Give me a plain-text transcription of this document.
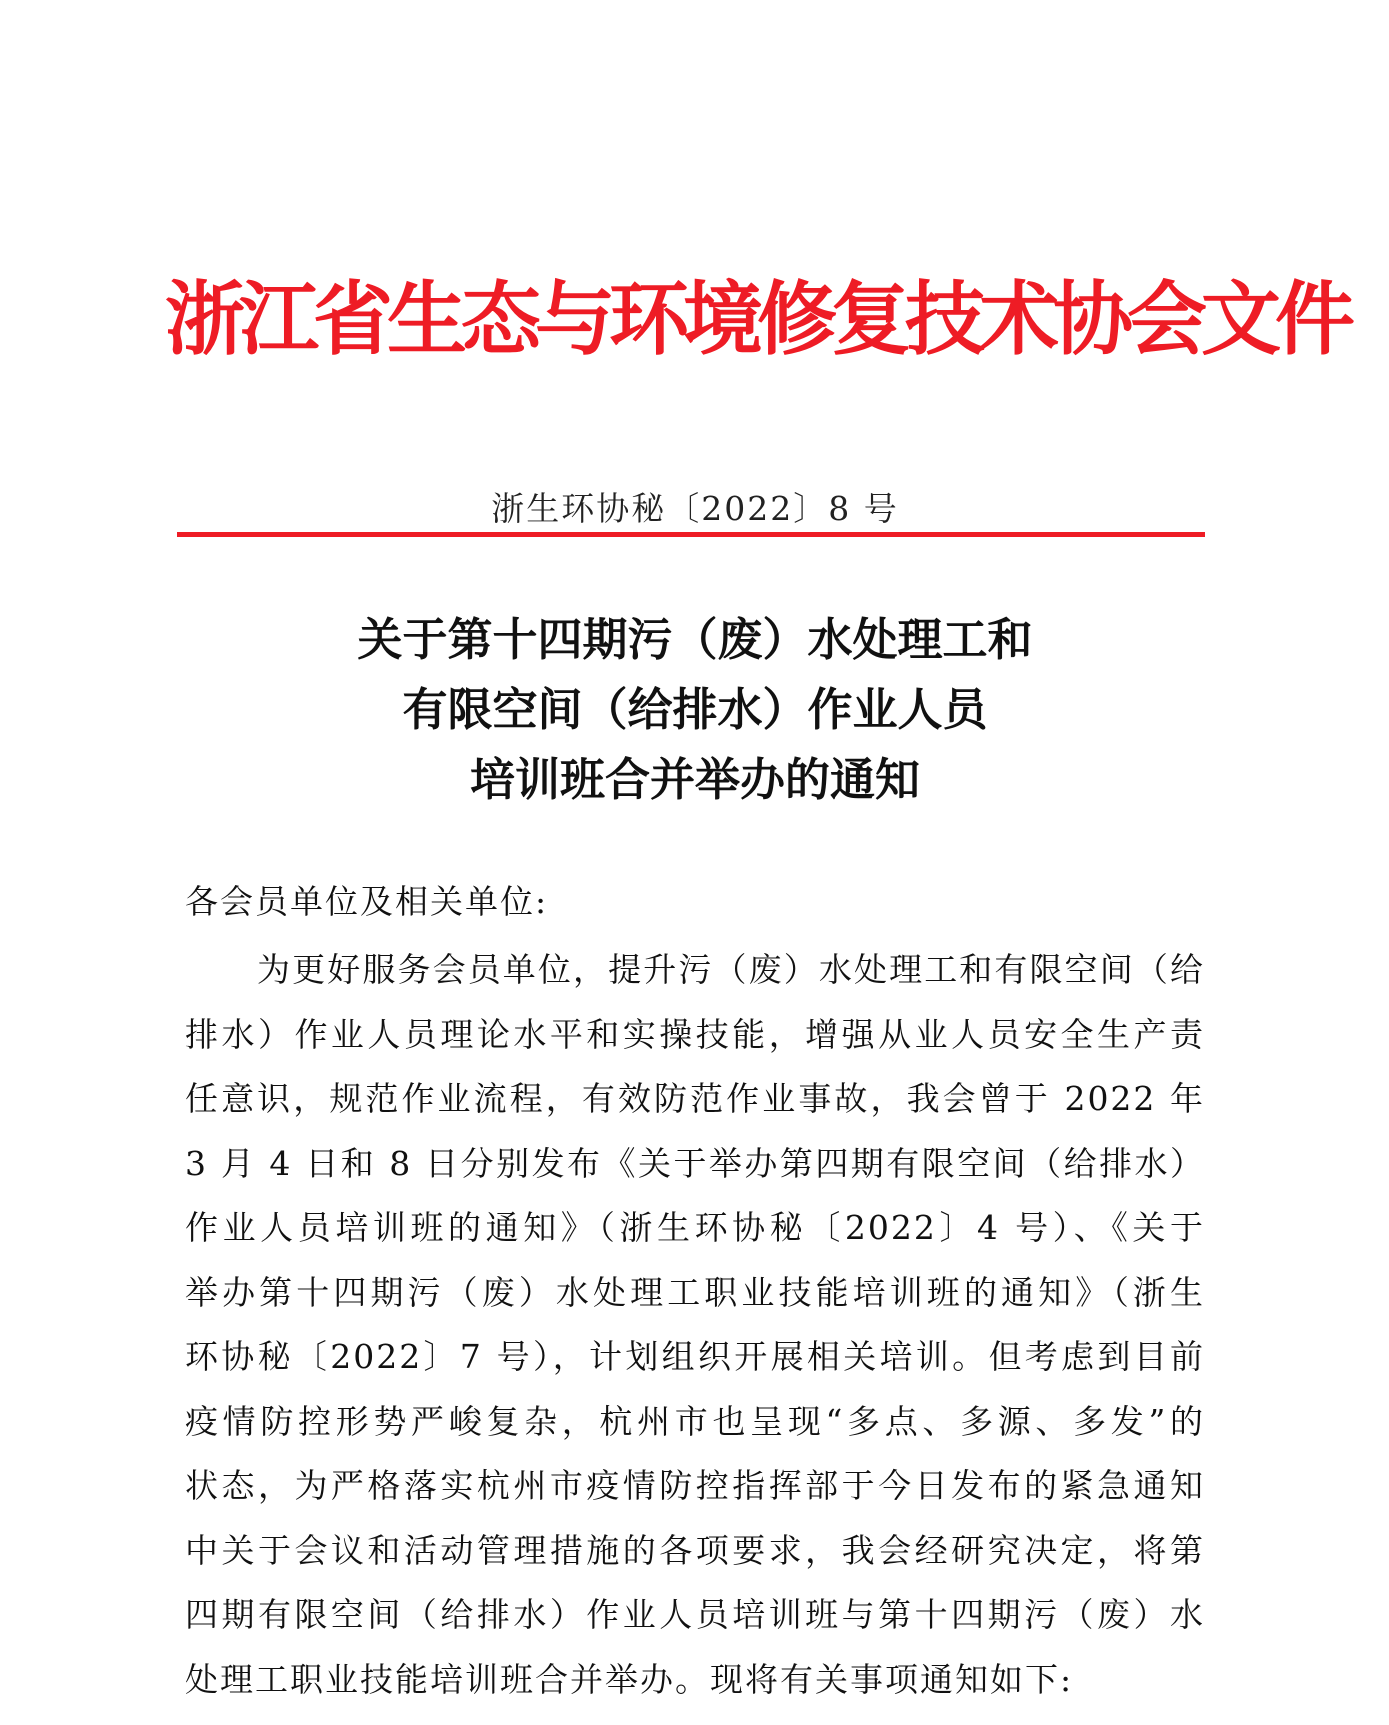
浙江省生态与环境修复技术协会文件
浙生环协秘〔2022〕8 号
关于第十四期污（废）水处理工和
有限空间（给排水）作业人员
培训班合并举办的通知
各会员单位及相关单位:
为更好服务会员单位，提升污（废）水处理工和有限空间（给
排水）作业人员理论水平和实操技能，增强从业人员安全生产责
任意识，规范作业流程，有效防范作业事故，我会曾于 2022 年
3 月 4 日和 8 日分别发布《关于举办第四期有限空间（给排水）
作业人员培训班的通知》（浙生环协秘〔2022〕4 号）、《关于
举办第十四期污（废）水处理工职业技能培训班的通知》（浙生
环协秘〔2022〕7 号），计划组织开展相关培训。但考虑到目前
疫情防控形势严峻复杂，杭州市也呈现“多点、多源、多发”的
状态，为严格落实杭州市疫情防控指挥部于今日发布的紧急通知
中关于会议和活动管理措施的各项要求，我会经研究决定，将第
四期有限空间（给排水）作业人员培训班与第十四期污（废）水
处理工职业技能培训班合并举办。现将有关事项通知如下:
